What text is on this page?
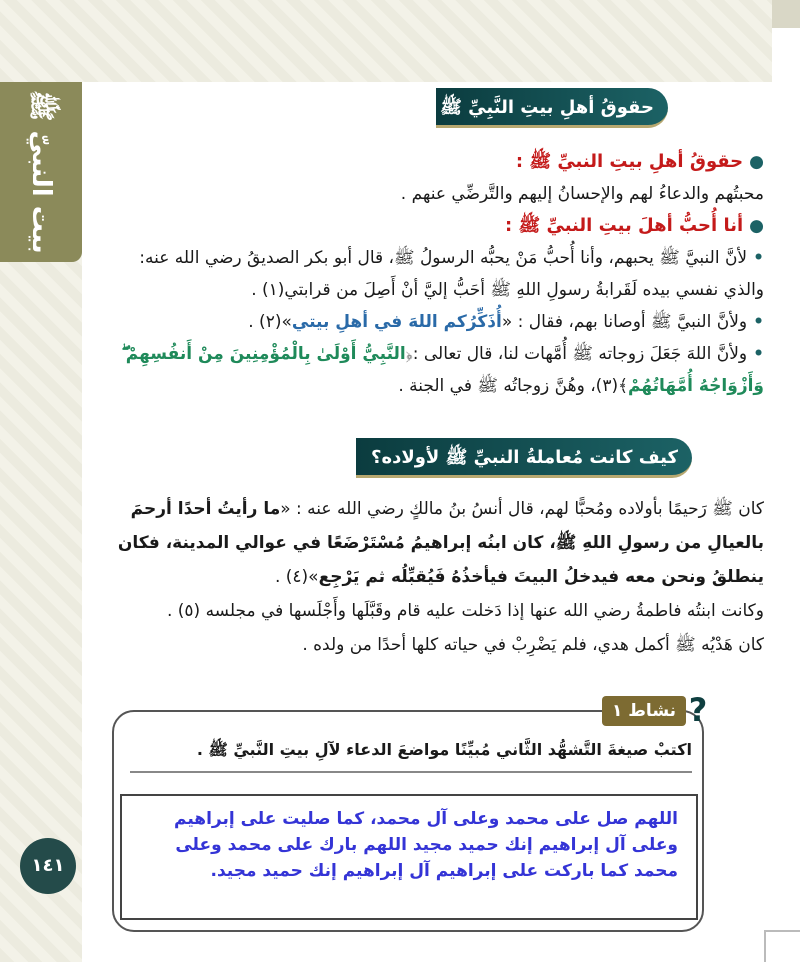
بيت النبيّ ﷺ	حقوقُ أهلِ بيتِ النَّبِيِّ ﷺ
●حقوقُ أهلِ بيتِ النبيِّ ﷺ :
محبتُهم والدعاءُ لهم والإحسانُ إليهم والتَّرضِّي عنهم .
●أنا أُحبُّ أهلَ بيتِ النبيِّ ﷺ :
•لأنَّ النبيَّ ﷺ يحبهم، وأنا أُحبُّ مَنْ يحبُّه الرسولُ ﷺ، قال أبو بكر الصديقُ رضي الله عنه: والذي نفسي بيده لَقَرابةُ رسولِ اللهِ ﷺ أحَبُّ إليَّ أنْ أَصِلَ من قرابتي(١) .
•ولأنَّ النبيَّ ﷺ أوصانا بهم، فقال : «أُذَكِّرُكم اللهَ في أهلِ بيتي»(٢) .
•ولأنَّ اللهَ جَعَلَ زوجاته ﷺ أُمَّهات لنا، قال تعالى :﴿النَّبِيُّ أَوْلَىٰ بِالْمُؤْمِنِينَ مِنْ أَنفُسِهِمْ ۖ وَأَزْوَاجُهُ أُمَّهَاتُهُمْ﴾(٣)، وهُنَّ زوجاتُه ﷺ في الجنة .
كيف كانت مُعاملةُ النبيِّ ﷺ لأولاده؟
كان ﷺ رَحيمًا بأولاده ومُحبًّا لهم، قال أنسُ بنُ مالكٍ رضي الله عنه : «ما رأيتُ أحدًا أرحمَ بالعيالِ من رسولِ اللهِ ﷺ، كان ابنُه إبراهيمُ مُسْتَرْضَعًا في عوالي المدينة، فكان ينطلقُ ونحن معه فيدخلُ البيتَ فيأخذُهُ فَيُقبِّلُه ثم يَرْجِع»(٤) .
وكانت ابنتُه فاطمةُ رضي الله عنها إذا دَخلت عليه قام وقَبَّلَها وأَجْلَسها في مجلسه (٥) .
كان هَدْيُه ﷺ أكمل هدي، فلم يَضْرِبْ في حياته كلها أحدًا من ولده .
?
نشاط ١
اكتبْ صيغةَ التَّشهُّد الثَّاني مُبيِّنًا مواضعَ الدعاء لآلِ بيتِ النَّبيِّ ﷺ .
اللهم صل على محمد وعلى آل محمد، كما صليت على إبراهيم وعلى آل إبراهيم إنك حميد مجيد اللهم بارك على محمد وعلى محمد كما باركت على إبراهيم آل إبراهيم إنك حميد مجيد.
١٤١
